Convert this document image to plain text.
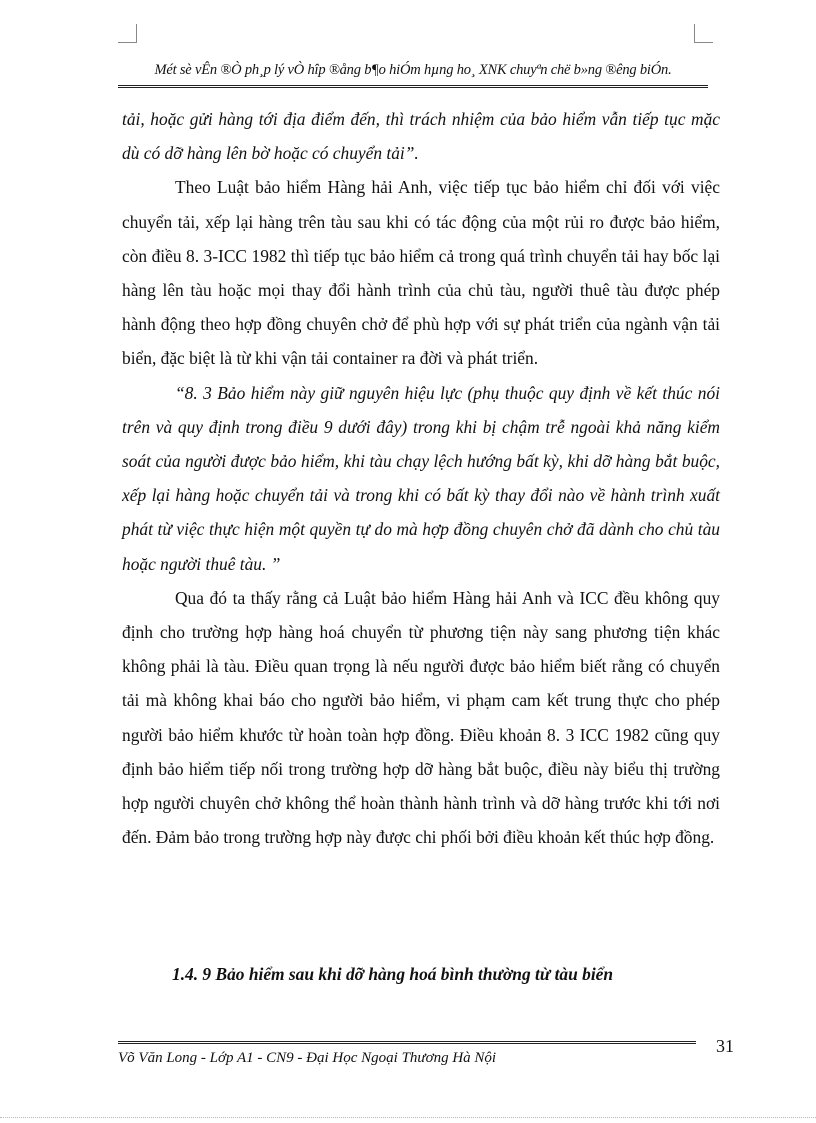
Mét sè vÊn ®Ò ph¸p lý vÒ hîp ®ång b¶o hiÓm hµng ho¸ XNK chuyªn chë b»ng ®êng biÓn.

tải, hoặc gửi hàng tới địa điểm đến, thì trách nhiệm của bảo hiểm vẫn tiếp tục mặc dù có dỡ hàng lên bờ hoặc có chuyển tải”.

Theo Luật bảo hiểm Hàng hải Anh, việc tiếp tục bảo hiểm chỉ đối với việc chuyển tải, xếp lại hàng trên tàu sau khi có tác động của một rủi ro được bảo hiểm, còn điều 8. 3-ICC 1982 thì tiếp tục bảo hiểm cả trong quá trình chuyển tải hay bốc lại hàng lên tàu hoặc mọi thay đổi hành trình của chủ tàu, người thuê tàu được phép hành động theo hợp đồng chuyên chở để phù hợp với sự phát triển của ngành vận tải biển, đặc biệt là từ khi vận tải container ra đời và phát triển.

“8. 3 Bảo hiểm này giữ nguyên hiệu lực (phụ thuộc quy định về kết thúc nói trên và quy định trong điều 9 dưới đây) trong khi bị chậm trễ ngoài khả năng kiểm soát của người được bảo hiểm, khi tàu chạy lệch hướng bất kỳ, khi dỡ hàng bắt buộc, xếp lại hàng hoặc chuyển tải và trong khi có bất kỳ thay đổi nào về hành trình xuất phát từ việc thực hiện một quyền tự do mà hợp đồng chuyên chở đã dành cho chủ tàu hoặc người thuê tàu. ”

Qua đó ta thấy rằng cả Luật bảo hiểm Hàng hải Anh và ICC đều không quy định cho trường hợp hàng hoá chuyển từ phương tiện này sang phương tiện khác không phải là tàu. Điều quan trọng là nếu người được bảo hiểm biết rằng có chuyển tải mà không khai báo cho người bảo hiểm, vi phạm cam kết trung thực cho phép người bảo hiểm khước từ hoàn toàn hợp đồng. Điều khoản 8. 3 ICC 1982 cũng quy định bảo hiểm tiếp nối trong trường hợp dỡ hàng bắt buộc, điều này biểu thị trường hợp người chuyên chở không thể hoàn thành hành trình và dỡ hàng trước khi tới nơi đến. Đảm bảo trong trường hợp này được chi phối bởi điều khoản kết thúc hợp đồng.

1.4. 9 Bảo hiểm sau khi dỡ hàng hoá bình thường từ tàu biển
31
Võ Văn Long - Lớp A1 - CN9 - Đại Học Ngoại Thương Hà Nội
